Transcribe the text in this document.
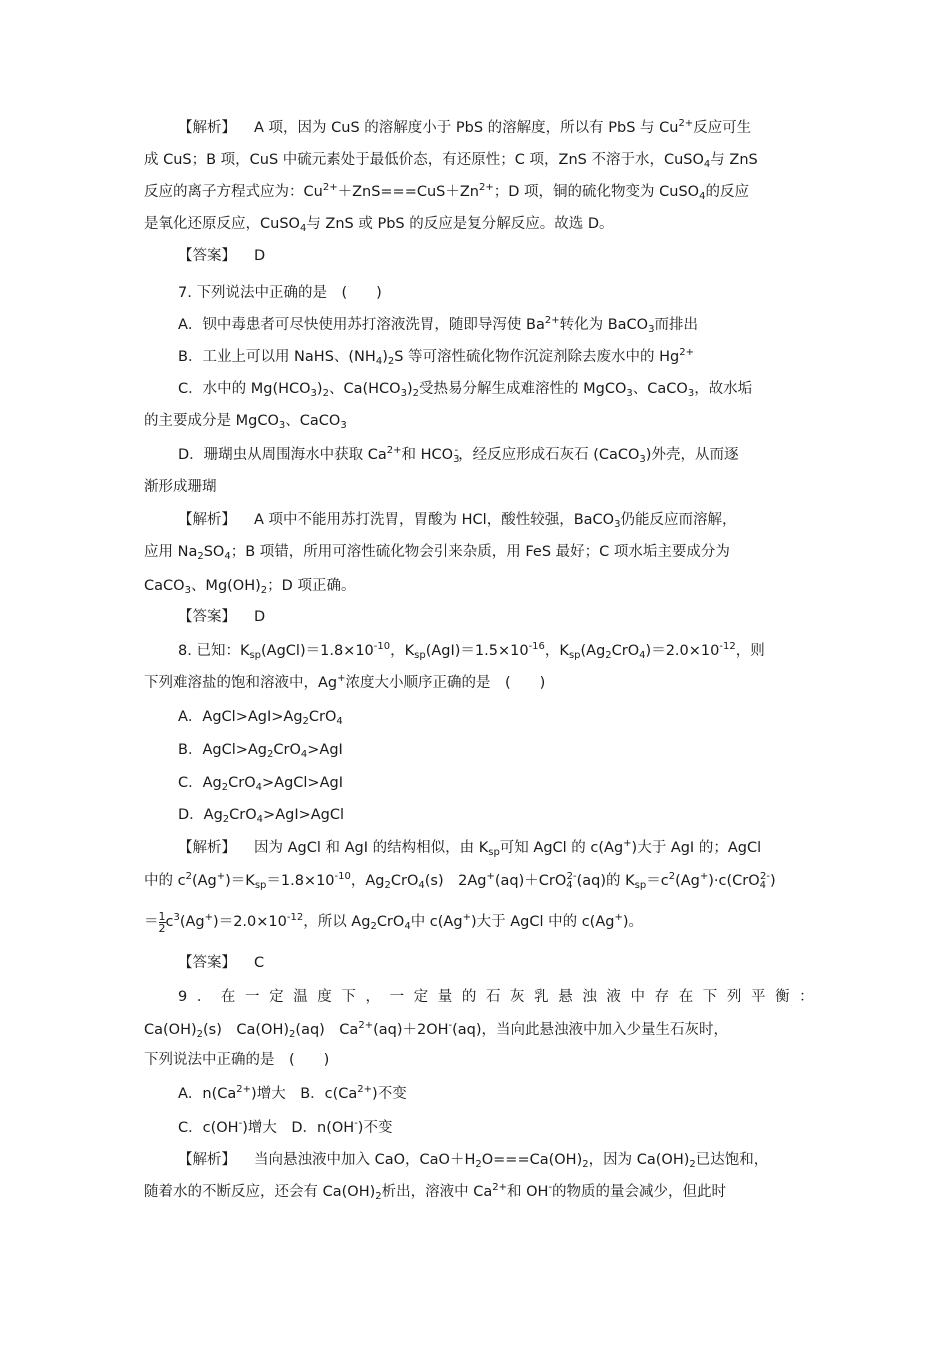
【解析】 A 项，因为 CuS 的溶解度小于 PbS 的溶解度，所以有 PbS 与 $Cu^{2+}$反应可生
成 CuS；B 项，CuS 中硫元素处于最低价态，有还原性；C 项，ZnS 不溶于水，CuSO$_4$与 ZnS
反应的离子方程式应为：$Cu^{2+}+ZnS===CuS+Zn^{2+}$；D 项，铜的硫化物变为 CuSO$_4$的反应
是氧化还原反应，CuSO$_4$与 ZnS 或 PbS 的反应是复分解反应。故选 D。
【答案】 D
7. 下列说法中正确的是　(　　)
A．钡中毒患者可尽快使用苏打溶液洗胃，随即导泻使 $Ba^{2+}$转化为 BaCO$_3$而排出
B．工业上可以用 NaHS、$(NH_4)_2S$ 等可溶性硫化物作沉淀剂除去废水中的 $Hg^{2+}$
C．水中的 $Mg(HCO_3)_2$、$Ca(HCO_3)_2$受热易分解生成难溶性的 MgCO$_3$、CaCO$_3$，故水垢
的主要成分是 MgCO$_3$、CaCO$_3$
D．珊瑚虫从周围海水中获取 $Ca^{2+}$和 $HCO_3^-$，经反应形成石灰石 (CaCO$_3$)外壳，从而逐
渐形成珊瑚
【解析】 A 项中不能用苏打洗胃，胃酸为 HCl，酸性较强，BaCO$_3$仍能反应而溶解，
应用 $Na_2SO_4$；B 项错，所用可溶性硫化物会引来杂质，用 FeS 最好；C 项水垢主要成分为
CaCO$_3$、$Mg(OH)_2$；D 项正确。
【答案】 D
8. 已知：$K_{sp}(AgCl)=1.8\times 10^{-10}$，$K_{sp}(AgI)=1.5\times 10^{-16}$，$K_{sp}(Ag_2CrO_4)=2.0\times 10^{-12}$，则
下列难溶盐的饱和溶液中，Ag+浓度大小顺序正确的是　(　　)
A．$AgCl>AgI>Ag_2CrO_4$
B．$AgCl>Ag_2CrO_4>AgI$
C．$Ag_2CrO_4>AgCl>AgI$
D．$Ag_2CrO_4>AgI>AgCl$
【解析】 因为 AgCl 和 AgI 的结构相似，由 $K_{sp}$可知 AgCl 的 c(Ag+)大于 AgI 的；AgCl
中的 $c^2(Ag^+)=K_{sp}=1.8\times 10^{-10}$，$Ag_2CrO_4(s)$　2Ag+(aq)＋CrO$_4^{2-}$(aq)的 $K_{sp}=c^2(Ag^+)\cdot c(CrO_4^{2-})$
＝ $\frac{1}{2} c^3(Ag^+)=2.0\times 10^{-12}$，所以 $Ag_2CrO_4$中 c(Ag+)大于 AgCl 中的 c(Ag+)。
【答案】 C
9 ． 在 一 定 温 度 下 ， 一 定 量 的 石 灰 乳 悬 浊 液 中 存 在 下 列 平 衡 ：
$Ca(OH)_2(s)$　$Ca(OH)_2(aq)$　$Ca^{2+}(aq)+2OH^-(aq)$，当向此悬浊液中加入少量生石灰时，
下列说法中正确的是　(　　)
A．$n(Ca^{2+})$增大　B．$c(Ca^{2+})$不变
C．c(OH-)增大　D．n(OH-)不变
【解析】 当向悬浊液中加入 CaO，$CaO+H_2O===Ca(OH)_2$，因为 $Ca(OH)_2$已达饱和，
随着水的不断反应，还会有 $Ca(OH)_2$析出，溶液中 $Ca^{2+}$和 OH-的物质的量会减少，但此时
